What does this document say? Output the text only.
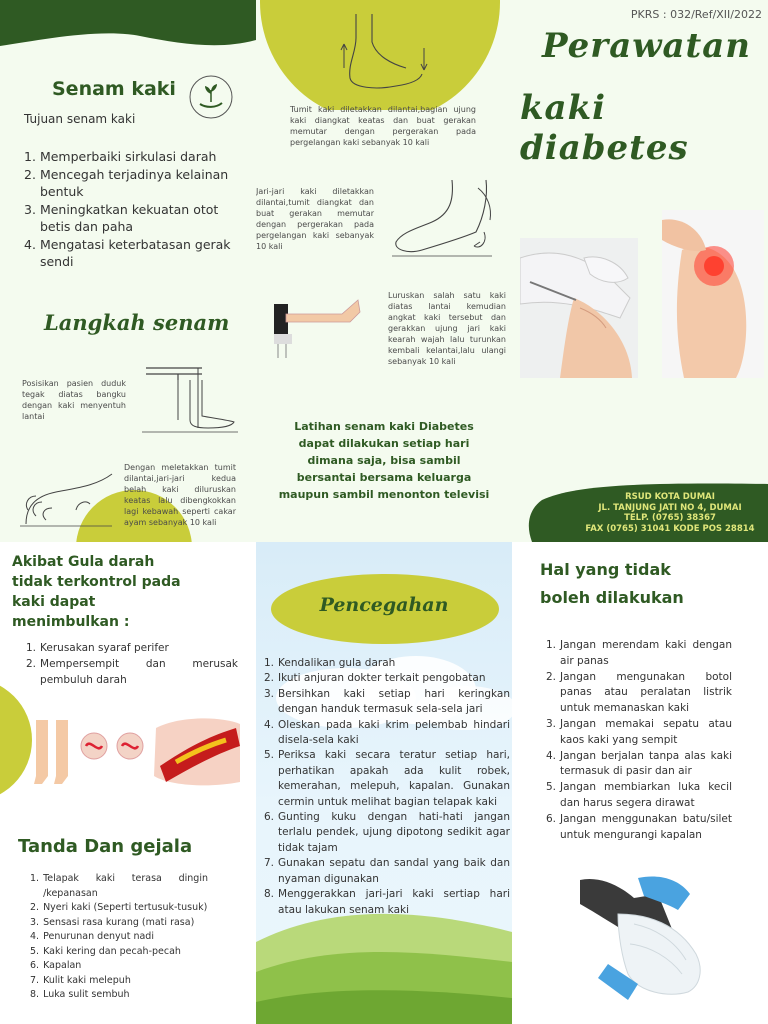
Senam kaki
Tujuan senam kaki
1. Memperbaiki sirkulasi darah
2. Mencegah terjadinya kelainan bentuk
3. Meningkatkan kekuatan otot betis dan paha
4. Mengatasi keterbatasan gerak sendi
Langkah senam
Posisikan pasien duduk tegak diatas bangku dengan kaki menyentuh lantai
Dengan meletakkan tumit dilantai,jari-jari kedua belah kaki diluruskan keatas lalu dibengkokkan lagi kebawah seperti cakar ayam sebanyak 10 kali
Tumit kaki diletakkan dilantai,bagian ujung kaki diangkat keatas dan buat gerakan memutar dengan pergerakan pada pergelangan kaki sebanyak 10 kali
Jari-jari kaki diletakkan dilantai,tumit diangkat dan buat gerakan memutar dengan pergerakan pada pergelangan kaki sebanyak 10 kali
Luruskan salah satu kaki diatas lantai kemudian angkat kaki tersebut dan gerakkan ujung jari kaki kearah wajah lalu turunkan kembali kelantai,lalu ulangi sebanyak 10 kali
Latihan senam kaki Diabetes
dapat dilakukan setiap hari
dimana saja, bisa sambil
bersantai bersama keluarga
maupun sambil menonton televisi
PKRS : 032/Ref/XII/2022
Perawatan
kaki diabetes
RSUD KOTA DUMAI
JL. TANJUNG JATI NO 4, DUMAI
TELP. (0765) 38367
FAX (0765) 31041 KODE POS 28814
Akibat Gula darah
tidak terkontrol pada
kaki dapat
menimbulkan :
1. Kerusakan syaraf perifer
2. Mempersempit dan merusak pembuluh darah
Tanda Dan gejala
1. Telapak kaki terasa dingin /kepanasan
2. Nyeri kaki (Seperti tertusuk-tusuk)
3. Sensasi rasa kurang (mati rasa)
4. Penurunan denyut nadi
5. Kaki kering dan pecah-pecah
6. Kapalan
7. Kulit kaki melepuh
8. Luka sulit sembuh
Pencegahan
1. Kendalikan gula darah
2. Ikuti anjuran dokter terkait pengobatan
3. Bersihkan kaki setiap hari keringkan dengan handuk termasuk sela-sela jari
4. Oleskan pada kaki krim pelembab hindari disela-sela kaki
5. Periksa kaki secara teratur setiap hari, perhatikan apakah ada kulit robek, kemerahan, melepuh, kapalan. Gunakan cermin untuk melihat bagian telapak kaki
6. Gunting kuku dengan hati-hati jangan terlalu pendek, ujung dipotong sedikit agar tidak tajam
7. Gunakan sepatu dan sandal yang baik dan nyaman digunakan
8. Menggerakkan jari-jari kaki sertiap hari atau lakukan senam kaki
Hal yang tidak
boleh dilakukan
1. Jangan merendam kaki dengan air panas
2. Jangan mengunakan botol panas atau peralatan listrik untuk memanaskan kaki
3. Jangan memakai sepatu atau kaos kaki yang sempit
4. Jangan berjalan tanpa alas kaki termasuk di pasir dan air
5. Jangan membiarkan luka kecil dan harus segera dirawat
6. Jangan menggunakan batu/silet untuk mengurangi kapalan
